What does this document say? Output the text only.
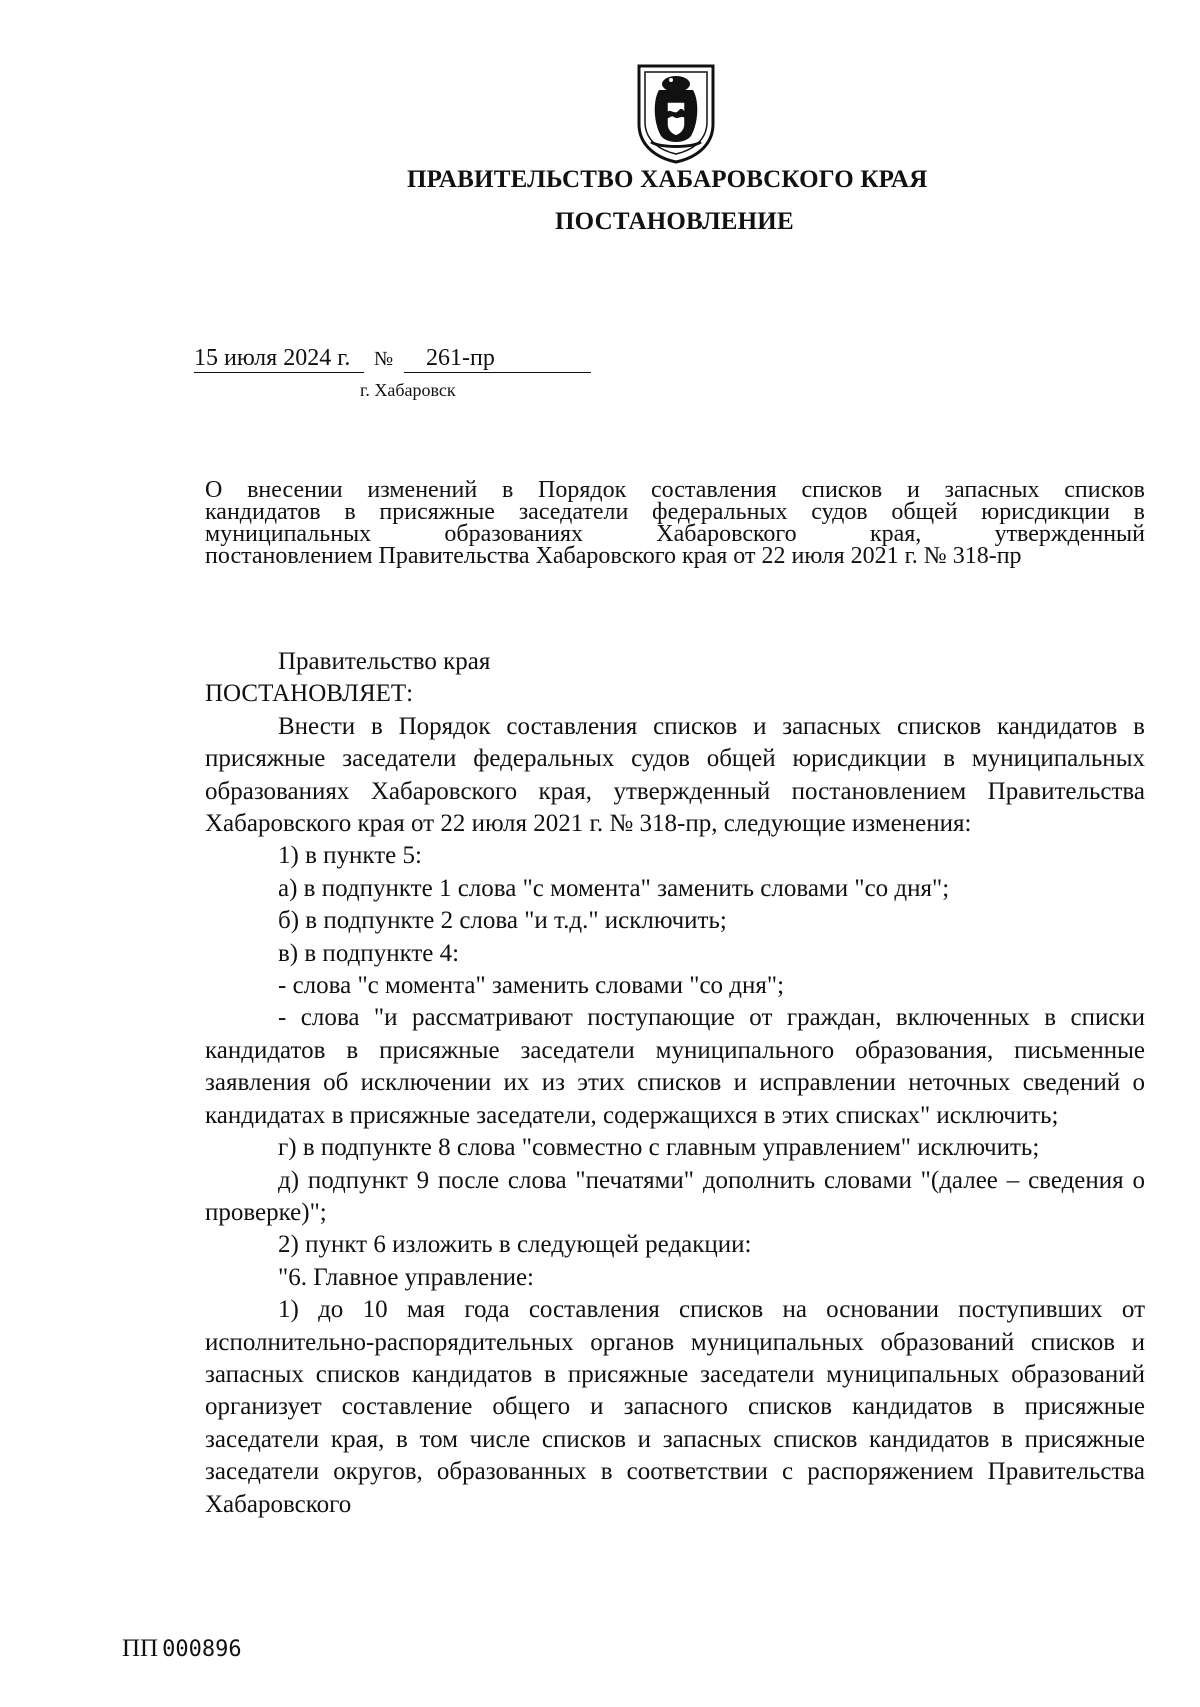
ПРАВИТЕЛЬСТВО ХАБАРОВСКОГО КРАЯ
ПОСТАНОВЛЕНИЕ
15 июля 2024 г. № 261-пр
г. Хабаровск
О внесении изменений в Порядок составления списков и запасных списков
кандидатов в присяжные заседатели федеральных судов общей юрисдикции в
муниципальных образованиях Хабаровского края, утвержденный
постановлением Правительства Хабаровского края от 22 июля 2021 г. № 318-пр

Правительство края

ПОСТАНОВЛЯЕТ:

Внести в Порядок составления списков и запасных списков кандидатов в присяжные заседатели федеральных судов общей юрисдикции в муниципальных образованиях Хабаровского края, утвержденный постановлением Правительства Хабаровского края от 22 июля 2021 г. № 318-пр, следующие изменения:

1) в пункте 5:

а) в подпункте 1 слова "с момента" заменить словами "со дня";

б) в подпункте 2 слова "и т.д." исключить;

в) в подпункте 4:

- слова "с момента" заменить словами "со дня";

- слова "и рассматривают поступающие от граждан, включенных в списки кандидатов в присяжные заседатели муниципального образования, письменные заявления об исключении их из этих списков и исправлении неточных сведений о кандидатах в присяжные заседатели, содержащихся в этих списках" исключить;

г) в подпункте 8 слова "совместно с главным управлением" исключить;

д) подпункт 9 после слова "печатями" дополнить словами "(далее – сведения о проверке)";

2) пункт 6 изложить в следующей редакции:

"6. Главное управление:

1) до 10 мая года составления списков на основании поступивших от исполнительно-распорядительных органов муниципальных образований списков и запасных списков кандидатов в присяжные заседатели муниципальных образований организует составление общего и запасного списков кандидатов в присяжные заседатели края, в том числе списков и запасных списков кандидатов в присяжные заседатели округов, образованных в соответствии с распоряжением Правительства Хабаровского

ПП 000896
